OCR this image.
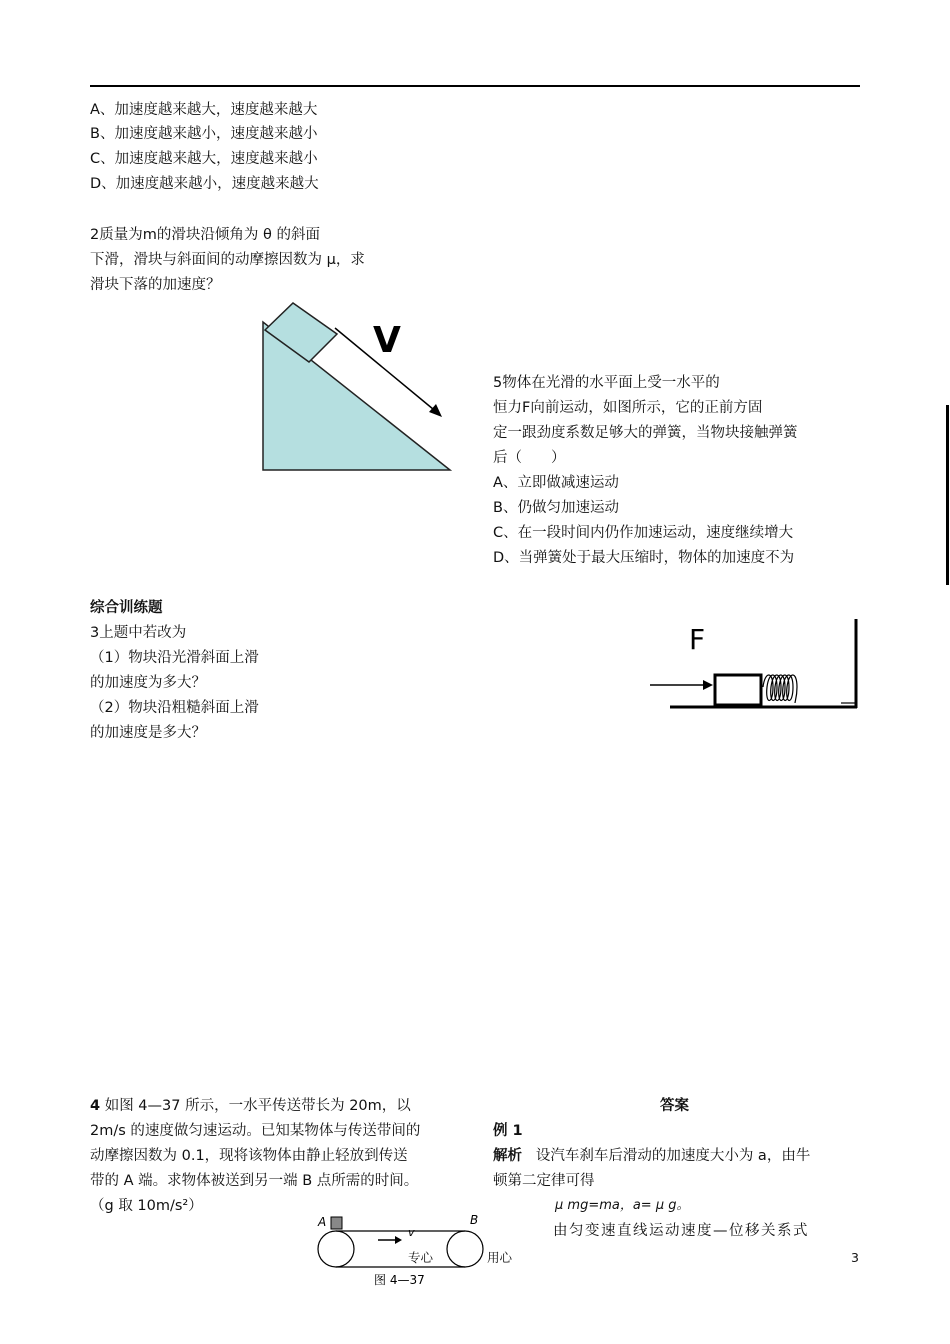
A、加速度越来越大，速度越来越大
B、加速度越来越小，速度越来越小
C、加速度越来越大，速度越来越小
D、加速度越来越小，速度越来越大
2质量为m的滑块沿倾角为 θ 的斜面
下滑，滑块与斜面间的动摩擦因数为 μ，求
滑块下落的加速度？
V
5物体在光滑的水平面上受一水平的
恒力F向前运动，如图所示，它的正前方固
定一跟劲度系数足够大的弹簧，当物块接触弹簧
后（　　）
A、立即做减速运动
B、仍做匀加速运动
C、在一段时间内仍作加速运动，速度继续增大
D、当弹簧处于最大压缩时，物体的加速度不为
综合训练题
3上题中若改为
（1）物块沿光滑斜面上滑
的加速度为多大？
（2）物块沿粗糙斜面上滑
的加速度是多大？
F
4 如图 4—37 所示，一水平传送带长为 20m，以
2m/s 的速度做匀速运动。已知某物体与传送带间的
动摩擦因数为 0.1，现将该物体由静止轻放到传送
带的 A 端。求物体被送到另一端 B 点所需的时间。
（g 取 10m/s²）
A	B
v
图 4—37
答案
例 1
解析 设汽车刹车后滑动的加速度大小为 a，由牛
顿第二定律可得
μ mg=ma，a= μ g。
由匀变速直线运动速度—位移关系式
专心	用心	3
